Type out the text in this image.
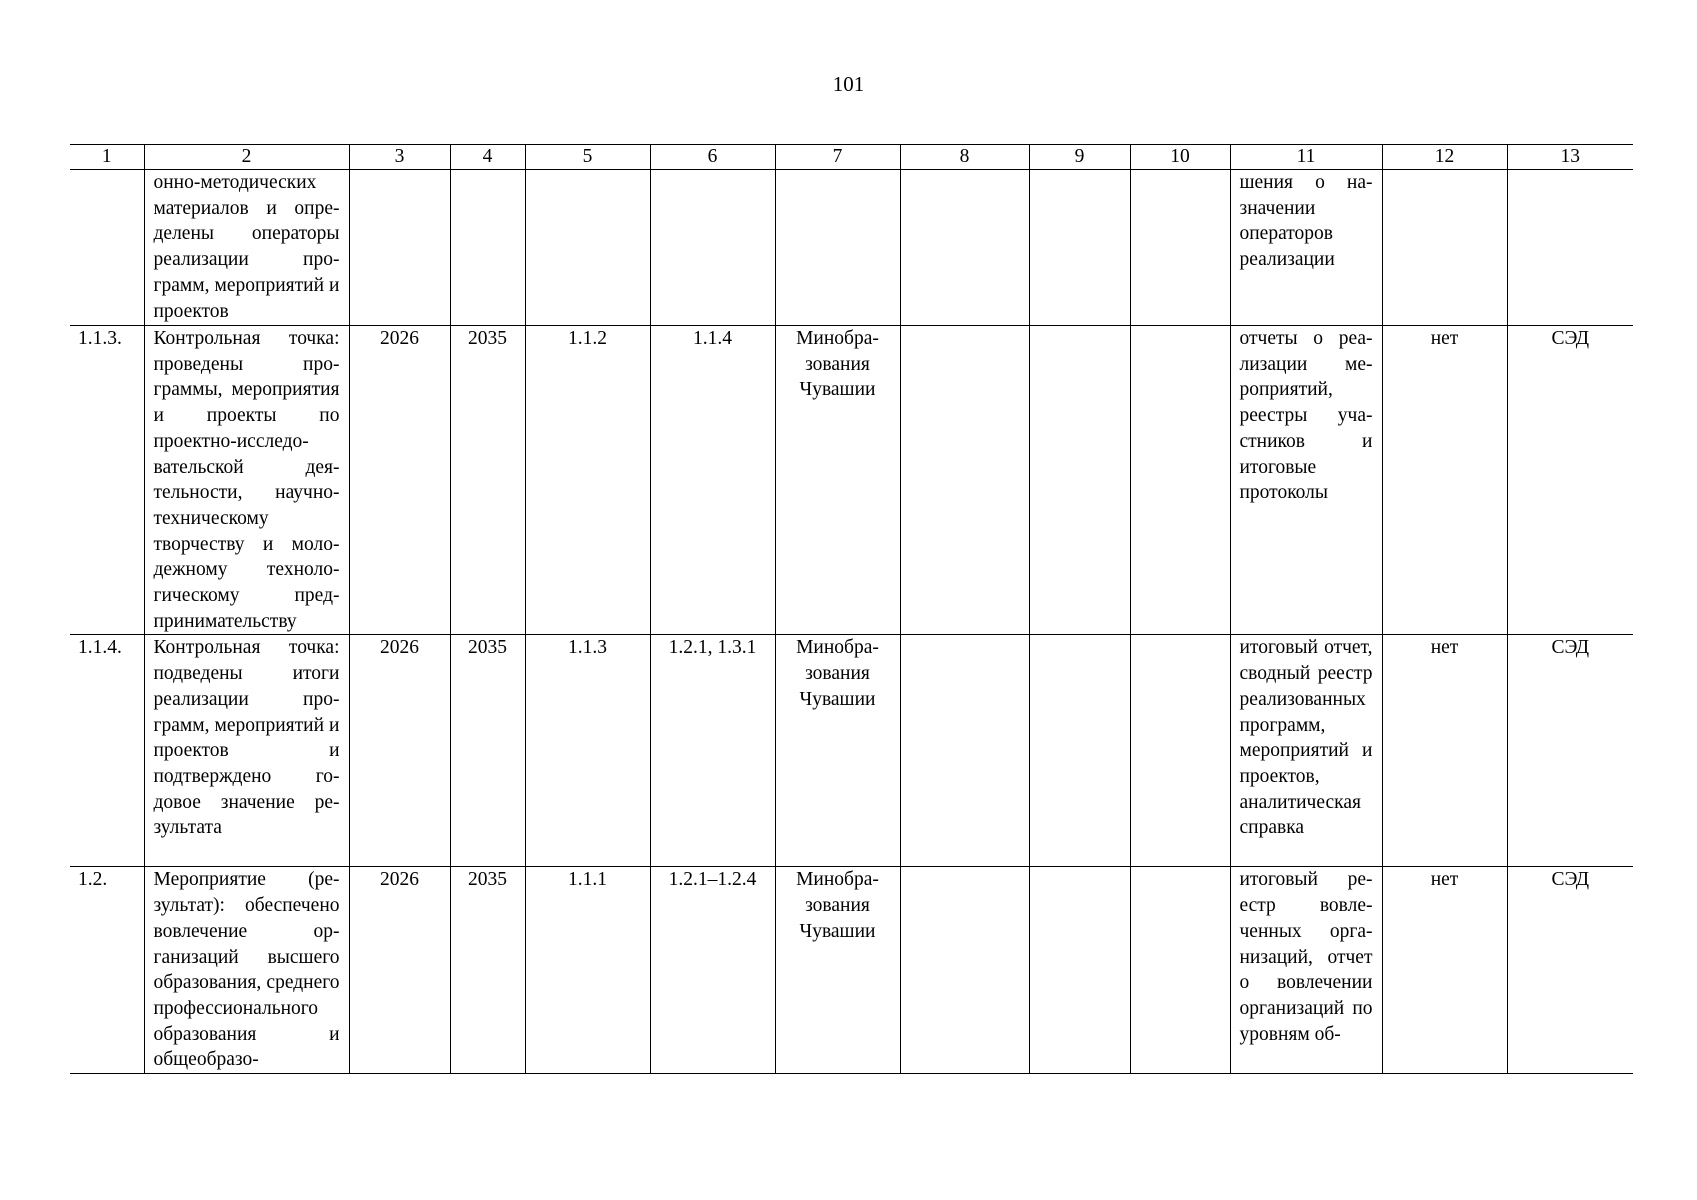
101
1	2	3	4	5	6	7	8	9	10	11	12	13
	онно-методических материалов и определены операторы реализации программ, мероприятий и проектов									шения о назначении операторов реализации		
1.1.3.	Контрольная точка: проведены программы, мероприятия и проекты по проектно-исследовательской деятельности, научно-техническому творчеству и молодежному технологическому предпринимательству	2026	2035	1.1.2	1.1.4	Минобразования Чувашии				отчеты о реализации мероприятий, реестры участников и итоговые протоколы	нет	СЭД
1.1.4.	Контрольная точка: подведены итоги реализации программ, мероприятий и проектов и подтверждено годовое значение результата	2026	2035	1.1.3	1.2.1, 1.3.1	Минобразования Чувашии				итоговый отчет, сводный реестр реализованных программ, мероприятий и проектов, аналитическая справка	нет	СЭД
1.2.	Мероприятие (результат): обеспечено вовлечение организаций высшего образования, среднего профессионального образования и общеобразо-	2026	2035	1.1.1	1.2.1–1.2.4	Минобразования Чувашии				итоговый реестр вовлеченных организаций, отчет о вовлечении организаций по уровням об-	нет	СЭД
